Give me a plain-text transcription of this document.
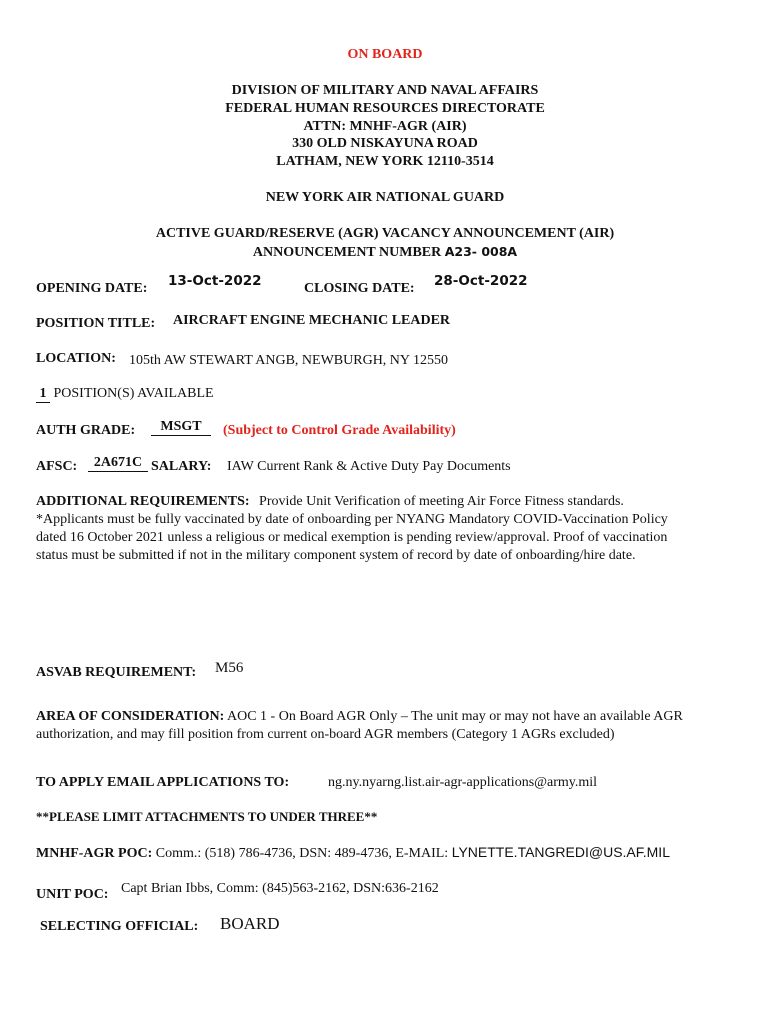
ON BOARD
DIVISION OF MILITARY AND NAVAL AFFAIRS
FEDERAL HUMAN RESOURCES DIRECTORATE
ATTN: MNHF-AGR (AIR)
330 OLD NISKAYUNA ROAD
LATHAM, NEW YORK 12110-3514
NEW YORK AIR NATIONAL GUARD
ACTIVE GUARD/RESERVE (AGR) VACANCY ANNOUNCEMENT (AIR)
ANNOUNCEMENT NUMBER A23- 008A
OPENING DATE: 13-Oct-2022	CLOSING DATE: 28-Oct-2022
POSITION TITLE: AIRCRAFT ENGINE MECHANIC LEADER
LOCATION: 105th AW STEWART ANGB, NEWBURGH, NY 12550
1 POSITION(S) AVAILABLE
AUTH GRADE:	MSGT	(Subject to Control Grade Availability)
AFSC:	2A671C SALARY: IAW Current Rank & Active Duty Pay Documents
ADDITIONAL REQUIREMENTS: Provide Unit Verification of meeting Air Force Fitness standards.
*Applicants must be fully vaccinated by date of onboarding per NYANG Mandatory COVID-Vaccination Policy
dated 16 October 2021 unless a religious or medical exemption is pending review/approval. Proof of vaccination
status must be submitted if not in the military component system of record by date of onboarding/hire date.
ASVAB REQUIREMENT: M56
AREA OF CONSIDERATION: AOC 1 - On Board AGR Only – The unit may or may not have an available AGR
authorization, and may fill position from current on-board AGR members (Category 1 AGRs excluded)
TO APPLY EMAIL APPLICATIONS TO:	ng.ny.nyarng.list.air-agr-applications@army.mil
**PLEASE LIMIT ATTACHMENTS TO UNDER THREE**
MNHF-AGR POC: Comm.: (518) 786-4736, DSN: 489-4736, E-MAIL: LYNETTE.TANGREDI@US.AF.MIL
UNIT POC: Capt Brian Ibbs, Comm: (845)563-2162, DSN:636-2162
SELECTING OFFICIAL: BOARD
